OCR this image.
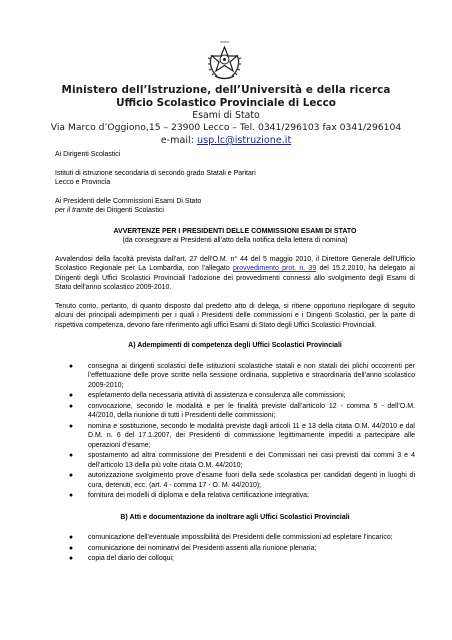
Ministero dell’Istruzione, dell’Università e della ricerca
Ufficio Scolastico Provinciale di Lecco
Esami di Stato
Via Marco d’Oggiono,15 – 23900 Lecco – Tel. 0341/296103 fax 0341/296104
e-mail: usp.lc@istruzione.it

Ai Dirigenti Scolastici

Istituti di istruzione secondaria di secondo grado Statali e Paritari

Lecco e Provincia

Ai Presidenti delle Commissioni Esami Di Stato

per il tramite dei Dirigenti Scolastici

AVVERTENZE PER I PRESIDENTI DELLE COMMISSIONI ESAMI DI STATO

(da consegnare ai Presidenti all’atto della notifica della lettera di nomina)

Avvalendosi della facoltà prevista dall’art. 27 dell’O.M. n° 44 del 5 maggio 2010, il Direttore Generale dell’Ufficio Scolastico Regionale per La Lombardia, con l’allegato provvedimento prot. n. 39 del 15.2.2010, ha delegato ai Dirigenti degli Uffici Scolastici Provinciali l’adozione dei provvedimenti connessi allo svolgimento degli Esami di Stato dell’anno scolastico 2009-2010.

Tenuto conto, pertanto, di quanto disposto dal predetto atto di delega, si ritiene opportuno riepilogare di seguito alcuni dei principali adempimenti per i quali i Presidenti delle commissioni e i Dirigenti Scolastici, per la parte di rispettiva competenza, devono fare riferimento agli uffici Esami di Stato degli Uffici Scolastici Provinciali.

A) Adempimenti di competenza degli Uffici Scolastici Provinciali

● consegna ai dirigenti scolastici delle istituzioni scolastiche statali e non statali dei plichi occorrenti per l’effettuazione delle prove scritte nella sessione ordinaria, suppletiva e straordinaria dell’anno scolastico 2009-2010;
● espletamento della necessaria attività di assistenza e consulenza alle commissioni;
● convocazione, secondo le modalità e per le finalità previste dall’articolo 12 - comma 5 - dell’O.M. 44/2010, della riunione di tutti i Presidenti delle commissioni;
● nomina e sostituzione, secondo le modalità previste dagli articoli 11 e 13 della citata O.M. 44/2010 e dal D.M. n. 6 del 17.1.2007, dei Presidenti di commissione legittimamente impediti a partecipare alle operazioni d’esame;
● spostamento ad altra commissione dei Presidenti e dei Commissari nei casi previsti dai commi 3 e 4 dell’articolo 13 della più volte citata O.M. 44/2010;
● autorizzazione svolgimento prove d’esame fuori della sede scolastica per candidati degenti in luoghi di cura, detenuti, ecc. (art. 4 - comma 17 - O. M. 44/2010);
● fornitura dei modelli di diploma e della relativa certificazione integrativa;

B) Atti e documentazione da inoltrare agli Uffici Scolastici Provinciali

● comunicazione dell’eventuale impossibilità dei Presidenti delle commissioni ad espletare l’incarico;
● comunicazione dei nominativi dei Presidenti assenti alla riunione plenaria;
● copia del diario dei colloqui;
